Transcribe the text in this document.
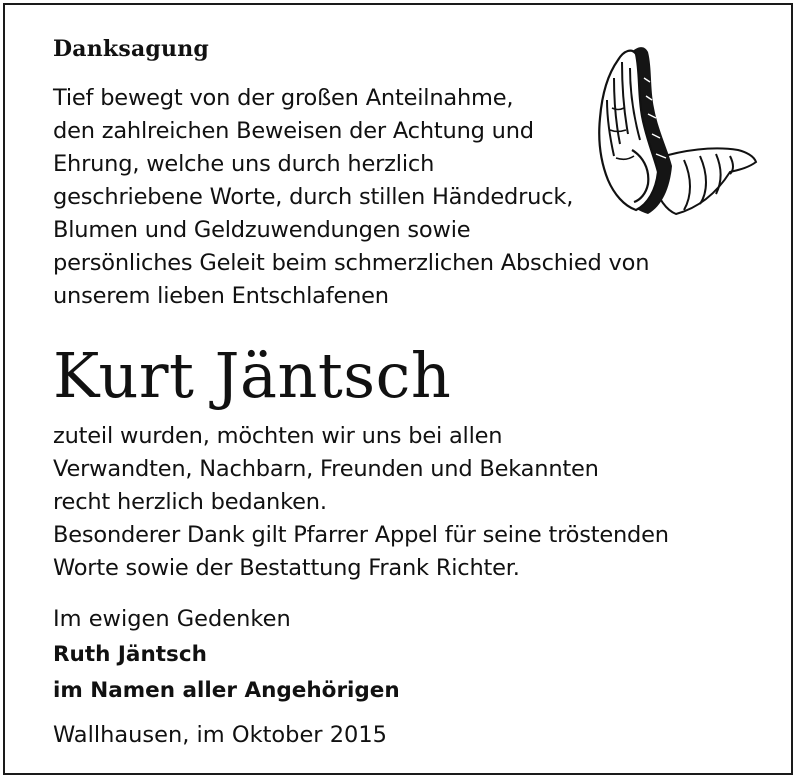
Danksagung
Tief bewegt von der großen Anteilnahme,
den zahlreichen Beweisen der Achtung und
Ehrung, welche uns durch herzlich
geschriebene Worte, durch stillen Händedruck,
Blumen und Geldzuwendungen sowie
persönliches Geleit beim schmerzlichen Abschied von
unserem lieben Entschlafenen
Kurt Jäntsch
zuteil wurden, möchten wir uns bei allen
Verwandten, Nachbarn, Freunden und Bekannten
recht herzlich bedanken.
Besonderer Dank gilt Pfarrer Appel für seine tröstenden
Worte sowie der Bestattung Frank Richter.
Im ewigen Gedenken
Ruth Jäntsch
im Namen aller Angehörigen
Wallhausen, im Oktober 2015
